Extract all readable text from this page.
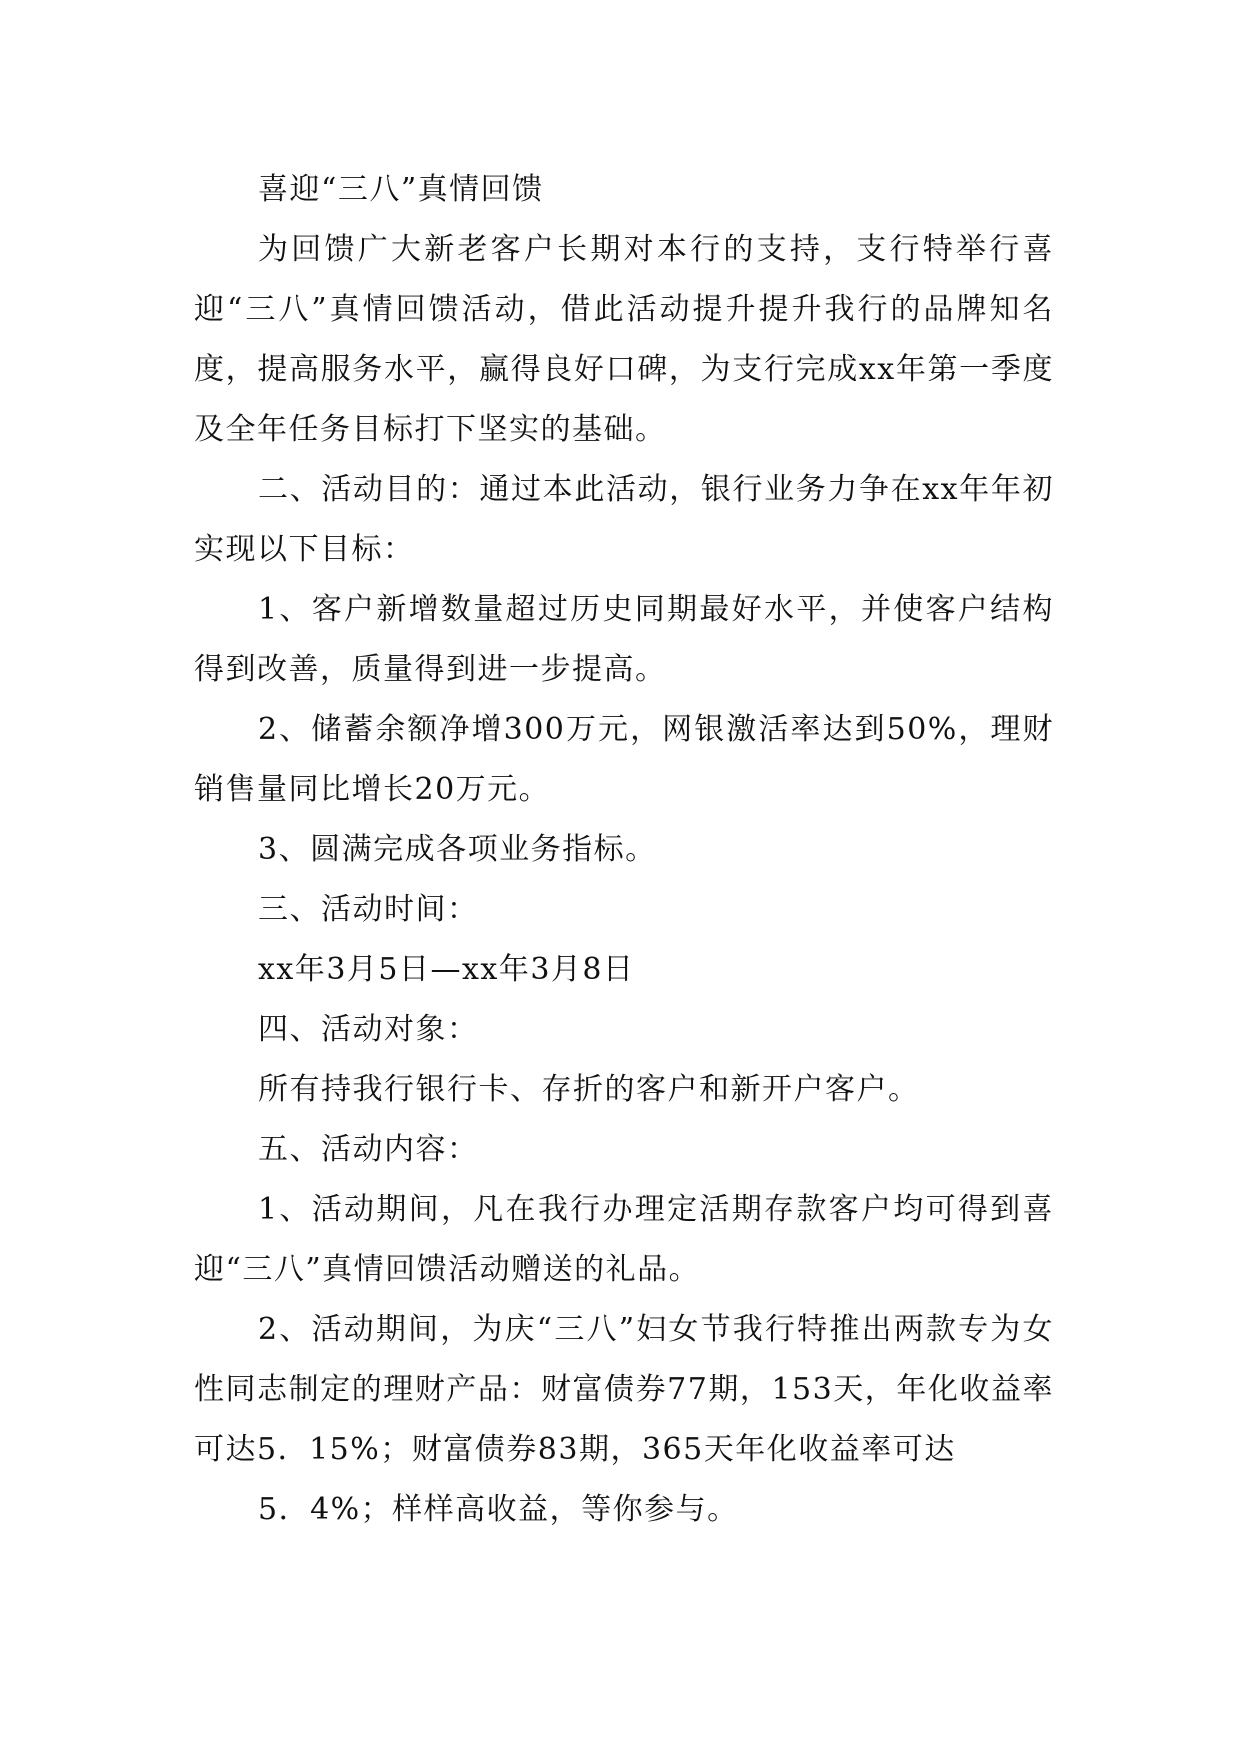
喜迎“三八”真情回馈

为回馈广大新老客户长期对本行的支持，支行特举行喜迎“三八”真情回馈活动，借此活动提升提升我行的品牌知名度，提高服务水平，赢得良好口碑，为支行完成xx年第一季度及全年任务目标打下坚实的基础。

二、活动目的：通过本此活动，银行业务力争在xx年年初实现以下目标：

1、客户新增数量超过历史同期最好水平，并使客户结构得到改善，质量得到进一步提高。

2、储蓄余额净增300万元，网银激活率达到50%，理财销售量同比增长20万元。

3、圆满完成各项业务指标。

三、活动时间：

xx年3月5日—xx年3月8日

四、活动对象：

所有持我行银行卡、存折的客户和新开户客户。

五、活动内容：

1、活动期间，凡在我行办理定活期存款客户均可得到喜迎“三八”真情回馈活动赠送的礼品。

2、活动期间，为庆“三八”妇女节我行特推出两款专为女性同志制定的理财产品：财富债券77期，153天，年化收益率可达5．15%；财富债券83期，365天年化收益率可达

5．4%；样样高收益，等你参与。
